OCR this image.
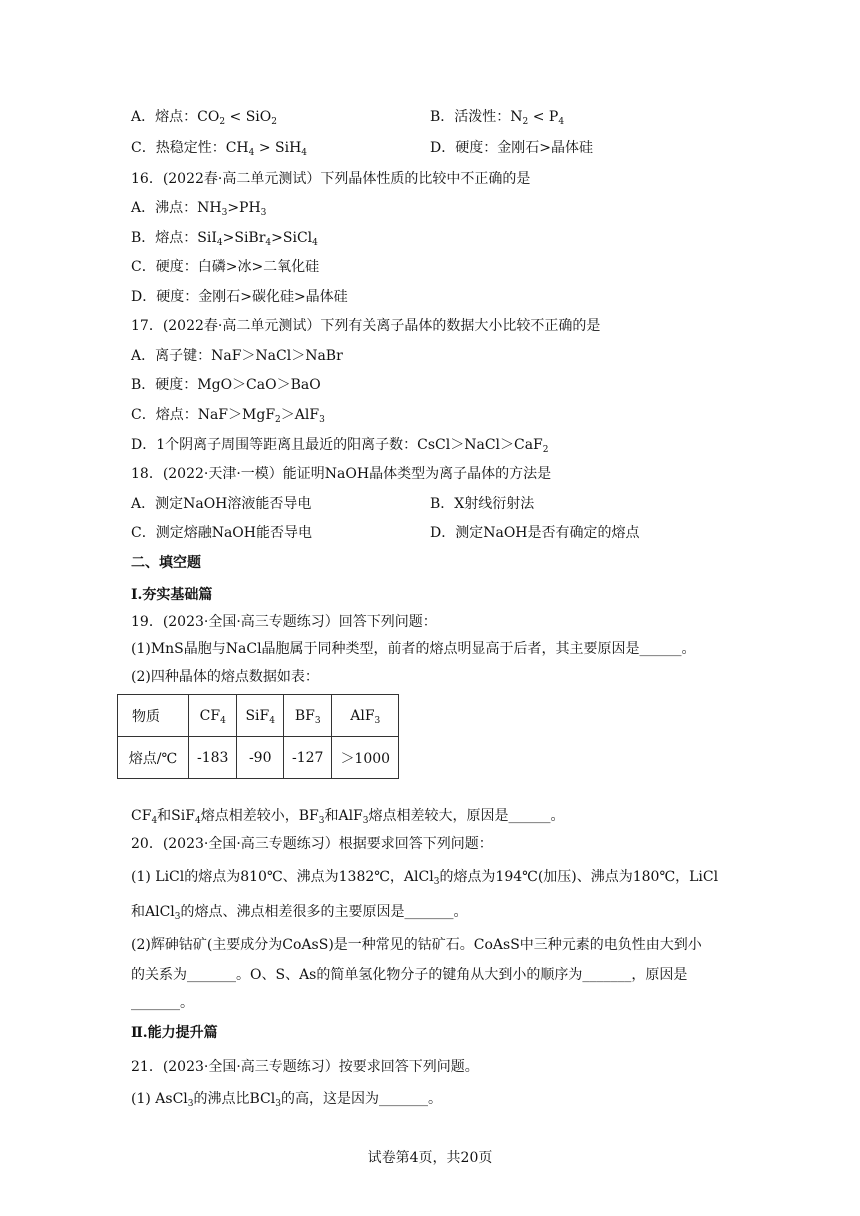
A．熔点：$CO_2 < SiO_2$	B．活泼性：$N_2 < P_4$
C．热稳定性：$CH_4 > SiH_4$	D．硬度：金刚石>晶体硅
16．(2022春·高二单元测试）下列晶体性质的比较中不正确的是
A．沸点：$NH_3>PH_3$
B．熔点：SiI$_4$>SiBr$_4$>SiCl$_4$
C．硬度：白磷>冰>二氧化硅
D．硬度：金刚石>碳化硅>晶体硅
17．(2022春·高二单元测试）下列有关离子晶体的数据大小比较不正确的是
A．离子键：NaF＞NaCl＞NaBr
B．硬度：MgO＞CaO＞BaO
C．熔点：NaF＞MgF$_2$＞AlF$_3$
D．1个阴离子周围等距离且最近的阳离子数：CsCl＞NaCl＞CaF$_2$
18．(2022·天津·一模）能证明NaOH晶体类型为离子晶体的方法是
A．测定NaOH溶液能否导电	B．X射线衍射法
C．测定熔融NaOH能否导电	D．测定NaOH是否有确定的熔点
二、填空题
Ⅰ.夯实基础篇
19．(2023·全国·高三专题练习）回答下列问题：
(1)MnS晶胞与NaCl晶胞属于同种类型，前者的熔点明显高于后者，其主要原因是______。
(2)四种晶体的熔点数据如表：
物质	$CF_4$	SiF$_4$	$BF_3$	AlF$_3$
熔点/℃	-183	-90	-127	＞1000
$CF_4$和SiF$_4$熔点相差较小，$BF_3$和AlF$_3$熔点相差较大，原因是______。
20．(2023·全国·高三专题练习）根据要求回答下列问题：
(1) LiCl的熔点为810℃、沸点为1382℃，AlCl$_3$的熔点为194℃(加压)、沸点为180℃，LiCl
和AlCl$_3$的熔点、沸点相差很多的主要原因是_______。
(2)辉砷钴矿(主要成分为CoAsS)是一种常见的钴矿石。CoAsS中三种元素的电负性由大到小
的关系为_______。O、S、As的简单氢化物分子的键角从大到小的顺序为_______，原因是
_______。
Ⅱ.能力提升篇
21．(2023·全国·高三专题练习）按要求回答下列问题。
(1) AsCl$_3$的沸点比BCl$_3$的高，这是因为_______。
试卷第4页，共20页
